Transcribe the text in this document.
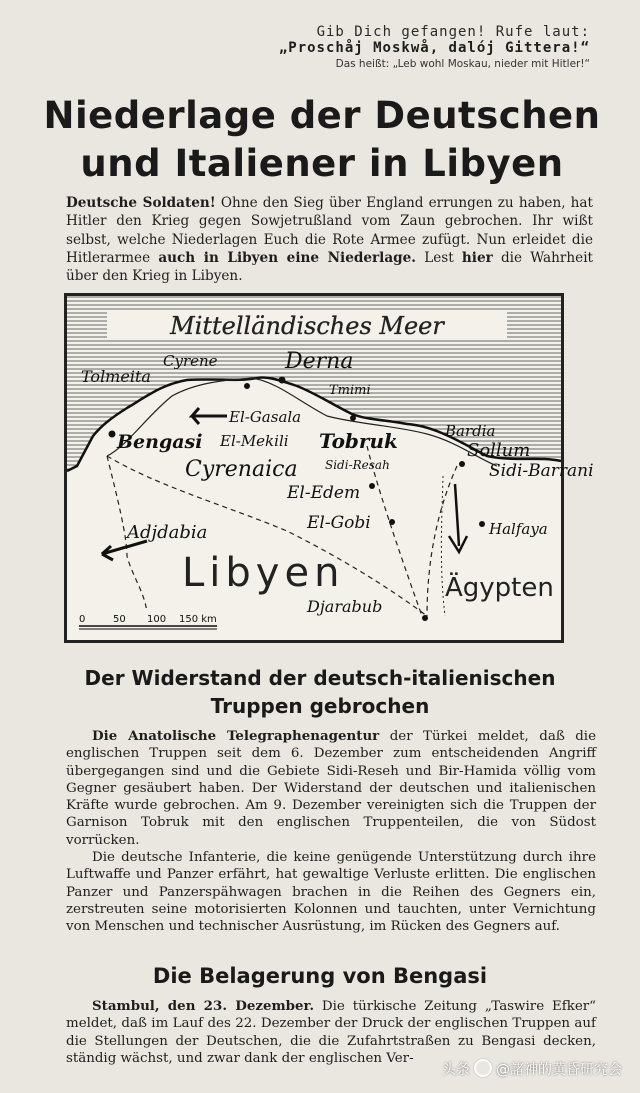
Gib Dich gefangen! Rufe laut:
„Proschåj Moskwå, dalój Gittera!“
Das heißt: „Leb wohl Moskau, nieder mit Hitler!“
Niederlage der Deutschen
und Italiener in Libyen
Deutsche Soldaten! Ohne den Sieg über England errungen zu haben, hat Hitler den Krieg gegen Sowjetrußland vom Zaun gebrochen. Ihr wißt selbst, welche Niederlagen Euch die Rote Armee zufügt. Nun erleidet die Hitlerarmee auch in Libyen eine Niederlage. Lest hier die Wahrheit über den Krieg in Libyen.
Mittelländisches Meer
Cyrene	Derna
Tolmeita
Tmimi
El-Gasala
Bardia
El-Mekili
Bengasi	Tobruk	Sollum
Cyrenaica Sidi-Resah	Sidi-Barrani
El-Edem
El-Gobi	Halfaya
Adjdabia
Djarabub
Libyen	Ägypten
0	50 100 150 km
Der Widerstand der deutsch-italienischen
Truppen gebrochen

Die Anatolische Telegraphenagentur der Türkei meldet, daß die englischen Truppen seit dem 6. Dezember zum entscheidenden Angriff übergegangen sind und die Gebiete Sidi-Reseh und Bir-Hamida völlig vom Gegner gesäubert haben. Der Widerstand der deutschen und italienischen Kräfte wurde gebrochen. Am 9. Dezember vereinigten sich die Truppen der Garnison Tobruk mit den englischen Truppenteilen, die von Südost vorrücken.

Die deutsche Infanterie, die keine genügende Unterstützung durch ihre Luftwaffe und Panzer erfährt, hat gewaltige Verluste erlitten. Die englischen Panzer und Panzerspähwagen brachen in die Reihen des Gegners ein, zerstreuten seine motorisierten Kolonnen und tauchten, unter Vernichtung von Menschen und technischer Ausrüstung, im Rücken des Gegners auf.

Die Belagerung von Bengasi

Stambul, den 23. Dezember. Die türkische Zeitung „Taswire Efker“ meldet, daß im Lauf des 22. Dezember der Druck der englischen Truppen auf die Stellungen der Deutschen, die die Zufahrtstraßen zu Bengasi decken, ständig wächst, und zwar dank der englischen Ver-

头条 @諸神的黄昏研究会
